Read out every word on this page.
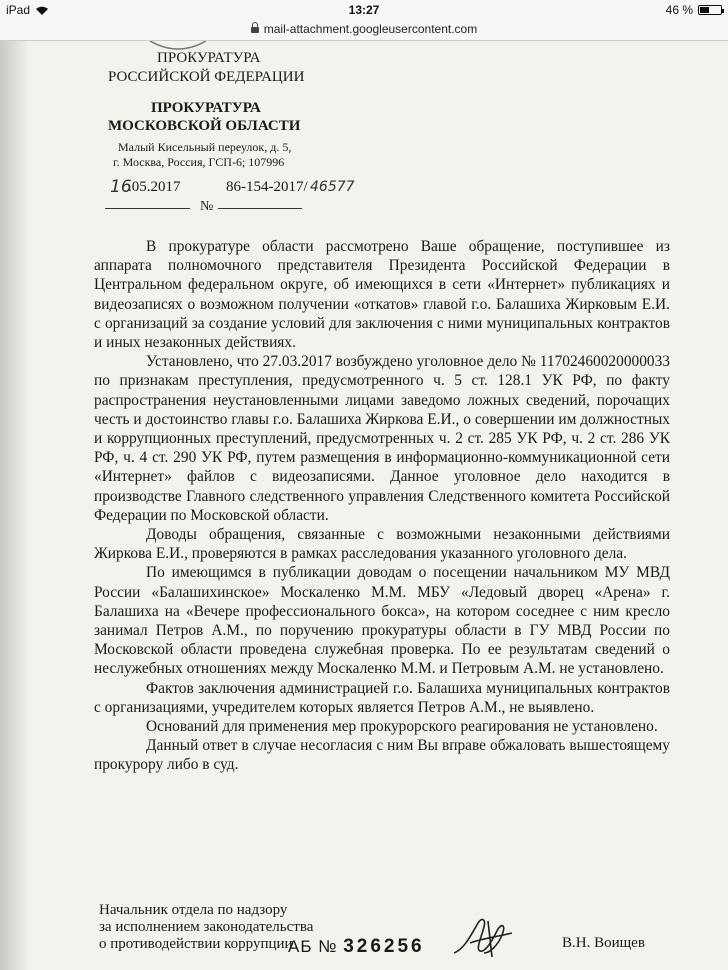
iPad	13:27	46 %
mail-attachment.googleusercontent.com
ПРОКУРАТУРА
РОССИЙСКОЙ ФЕДЕРАЦИИ
ПРОКУРАТУРА
МОСКОВСКОЙ ОБЛАСТИ
Малый Кисельный переулок, д. 5,
г. Москва, Россия, ГСП-6; 107996
16
.05.2017	86-154-2017/ 46577
№

В прокуратуре области рассмотрено Ваше обращение, поступившее из аппарата полномочного представителя Президента Российской Федерации в Центральном федеральном округе, об имеющихся в сети «Интернет» публикациях и видеозаписях о возможном получении «откатов» главой г.о. Балашиха Жирковым Е.И. с организаций за создание условий для заключения с ними муниципальных контрактов и иных незаконных действиях.

Установлено, что 27.03.2017 возбуждено уголовное дело № 11702460020000033 по признакам преступления, предусмотренного ч. 5 ст. 128.1 УК РФ, по факту распространения неустановленными лицами заведомо ложных сведений, порочащих честь и достоинство главы г.о. Балашиха Жиркова Е.И., о совершении им должностных и коррупционных преступлений, предусмотренных ч. 2 ст. 285 УК РФ, ч. 2 ст. 286 УК РФ, ч. 4 ст. 290 УК РФ, путем размещения в информационно-коммуникационной сети «Интернет» файлов с видеозаписями. Данное уголовное дело находится в производстве Главного следственного управления Следственного комитета Российской Федерации по Московской области.

Доводы обращения, связанные с возможными незаконными действиями Жиркова Е.И., проверяются в рамках расследования указанного уголовного дела.

По имеющимся в публикации доводам о посещении начальником МУ МВД России «Балашихинское» Москаленко М.М. МБУ «Ледовый дворец «Арена» г. Балашиха на «Вечере профессионального бокса», на котором соседнее с ним кресло занимал Петров А.М., по поручению прокуратуры области в ГУ МВД России по Московской области проведена служебная проверка. По ее результатам сведений о неслужебных отношениях между Москаленко М.М. и Петровым А.М. не установлено.

Фактов заключения администрацией г.о. Балашиха муниципальных контрактов с организациями, учредителем которых является Петров А.М., не выявлено.

Оснований для применения мер прокурорского реагирования не установлено.

Данный ответ в случае несогласия с ним Вы вправе обжаловать вышестоящему прокурору либо в суд.

Начальник отдела по надзору
за исполнением законодательства
о противодействии коррупции
АБ № 326256	В.Н. Воищев
